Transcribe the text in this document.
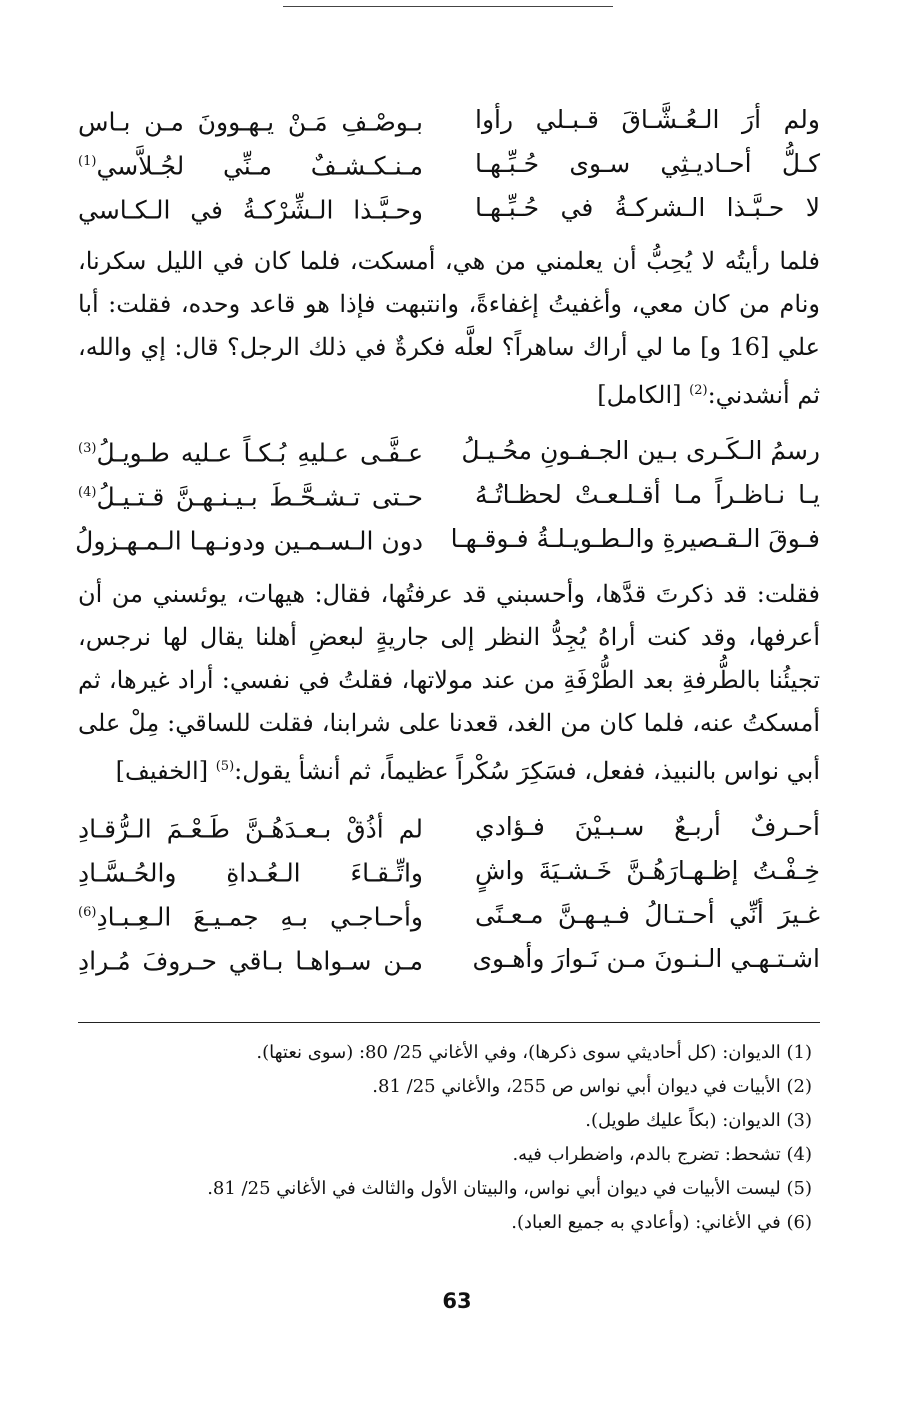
ولم أرَ الـعُـشَّـاقَ قـبـلي رأوا
بـوصْـفِ مَـنْ يـهـوونَ مـن بـاس
كـلُّ أحـاديـثِي سـوى حُـبِّـهـا
مـنـكـشـفٌ مـنِّي لجُـلاَّسي$^{(1)}$
لا حـبَّـذا الـشركـةُ في حُـبِّـهـا
وحـبَّـذا الـشِّرْكـةُ في الـكـاسي

فلما رأيتُه لا يُحِبُّ أن يعلمني من هي، أمسكت، فلما كان في الليل سكرنا، ونام من كان معي، وأغفيتُ إغفاءةً، وانتبهت فإذا هو قاعد وحده، فقلت: أبا علي [16 و] ما لي أراك ساهراً؟ لعلَّه فكرةٌ في ذلك الرجل؟ قال: إي والله، ثم أنشدني:$^{(2)}$ [الكامل]

رسمُ الـكَـرى بـين الجـفـونِ محُـيـلُ
عـفَّـى عـليهِ بُـكـاً عـليه طـويـلُ$^{(3)}$
يـا نـاظـراً مـا أقـلـعـتْ لحظـاتُـهُ
حـتى تـشـحَّـطَ بـيـنـهـنَّ قـتـيـلُ$^{(4)}$
فـوقَ الـقـصيرةِ والـطـويـلـةُ فـوقـهـا
دون الـسـمـين ودونـهـا الـمـهـزولُ

فقلت: قد ذكرتَ قدَّها، وأحسبني قد عرفتُها، فقال: هيهات، يوئسني من أن أعرفها، وقد كنت أراهُ يُجِدُّ النظر إلى جاريةٍ لبعضِ أهلنا يقال لها نرجس، تجيئُنا بالطُّرفةِ بعد الطُّرْفَةِ من عند مولاتها، فقلتُ في نفسي: أراد غيرها، ثم أمسكتُ عنه، فلما كان من الغد، قعدنا على شرابنا، فقلت للساقي: مِلْ على أبي نواس بالنبيذ، ففعل، فسَكِرَ سُكْراً عظيماً، ثم أنشأ يقول:$^{(5)}$ [الخفيف]

أحـرفٌ أربـعٌ سـبـيْنَ فـؤادي
لم أذُقْ بـعـدَهُـنَّ طَـعْـمَ الـرُّقـادِ
خِـفْـتُ إظـهـارَهُـنَّ خَـشـيَةَ واشٍ
واتِّـقـاءَ الـعُـداةِ والحُـسَّـادِ
غـيرَ أنِّي أحـتـالُ فـيـهـنَّ مـعـنًى
وأحـاجـي بـهِ جمـيـعَ الـعِـبـادِ$^{(6)}$
اشـتـهـي الـنـونَ مـن نَـوارَ وأهـوى
مـن سـواهـا بـاقي حـروفَ مُـرادِ
(1) الديوان: (كل أحاديثي سوى ذكرها)، وفي الأغاني 25/ 80: (سوى نعتها).
(2) الأبيات في ديوان أبي نواس ص 255، والأغاني 25/ 81.
(3) الديوان: (بكاً عليك طويل).
(4) تشحط: تضرج بالدم، واضطراب فيه.
(5) ليست الأبيات في ديوان أبي نواس، والبيتان الأول والثالث في الأغاني 25/ 81.
(6) في الأغاني: (وأعادي به جميع العباد).
63
